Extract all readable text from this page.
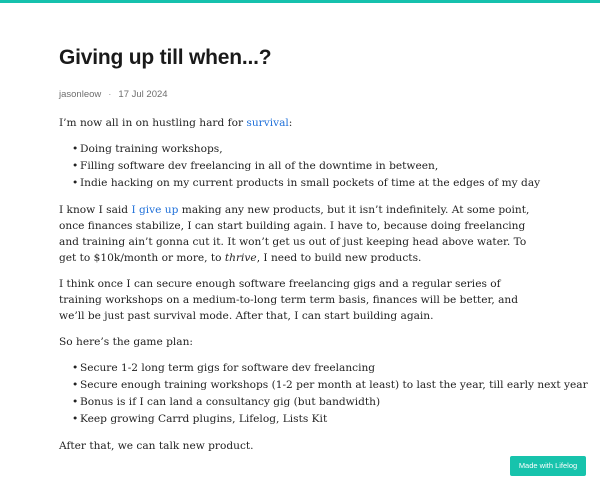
Giving up till when...?
jasonleow · 17 Jul 2024

I’m now all in on hustling hard for survival:

• Doing training workshops,
• Filling software dev freelancing in all of the downtime in between,
• Indie hacking on my current products in small pockets of time at the edges of my day

I know I said I give up making any new products, but it isn’t indefinitely. At some point, once finances stabilize, I can start building again. I have to, because doing freelancing and training ain’t gonna cut it. It won’t get us out of just keeping head above water. To get to $10k/month or more, to thrive, I need to build new products.

I think once I can secure enough software freelancing gigs and a regular series of training workshops on a medium-to-long term term basis, finances will be better, and we’ll be just past survival mode. After that, I can start building again.

So here’s the game plan:

• Secure 1-2 long term gigs for software dev freelancing
• Secure enough training workshops (1-2 per month at least) to last the year, till early next year
• Bonus is if I can land a consultancy gig (but bandwidth)
• Keep growing Carrd plugins, Lifelog, Lists Kit

After that, we can talk new product.

Made with Lifelog
